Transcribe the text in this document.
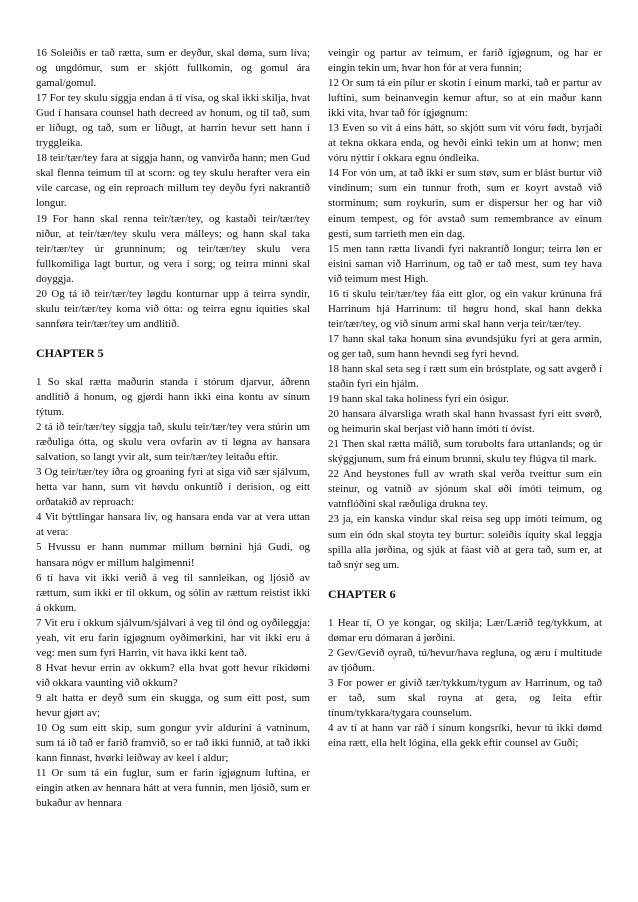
16 Soleiðis er tað rætta, sum er deyður, skal døma, sum líva; og ungdómur, sum er skjótt fullkomin, og gomul ára gamal/gomul.

17 For tey skulu síggja endan á tí vísa, og skal ikki skilja, hvat Gud í hansara counsel hath decreed av honum, og til tað, sum er líðugt, og tað, sum er líðugt, at harrin hevur sett hann í tryggleika.

18 teir/tær/tey fara at síggja hann, og vanvirða hann; men Gud skal flenna teimum til at scorn: og tey skulu herafter vera ein vile carcase, og ein reproach millum tey deyðu fyri nakrantíð longur.

19 For hann skal renna teir/tær/tey, og kastaði teir/tær/tey niður, at teir/tær/tey skulu vera málleys; og hann skal taka teir/tær/tey úr grunninum; og teir/tær/tey skulu vera fullkomiliga lagt burtur, og vera í sorg; og teirra minni skal doyggja.

20 Og tá ið teir/tær/tey løgdu konturnar upp á teirra syndir, skulu teir/tær/tey koma við ótta: og teirra egnu iquities skal sannføra teir/tær/tey um andlitið.

CHAPTER 5

1 So skal rætta maðurin standa í stórum djarvur, áðrenn andlitið á honum, og gjørdi hann ikki eina kontu av sínum týtum.

2 tá ið teir/tær/tey síggja tað, skulu teir/tær/tey vera stúrin um ræðuliga ótta, og skulu vera ovfarin av tí løgna av hansara salvation, so langt yvir alt, sum teir/tær/tey leitaðu eftir.

3 Og teir/tær/tey iðra og groaning fyri at siga við sær sjálvum, hetta var hann, sum vit høvdu onkuntíð í derision, og eitt orðatakið av reproach:

4 Vit býttlingar hansara lív, og hansara enda var at vera uttan at vera:

5 Hvussu er hann nummar millum børnini hjá Gudi, og hansara nógv er millum halgimenni!

6 tí hava vit ikki verið á veg til sannleikan, og ljósið av rættum, sum ikki er til okkum, og sólin av rættum reistist ikki á okkum.

7 Vit eru í okkum sjálvum/sjálvari á veg til ónd og oyðileggja: yeah, vit eru farin ígjøgnum oyðimørkini, har vit ikki eru á veg: men sum fyri Harrin, vit hava ikki kent tað.

8 Hvat hevur errin av okkum? ella hvat gott hevur ríkidømi við okkara vaunting við okkum?

9 alt hatta er deyð sum ein skugga, og sum eitt post, sum hevur gjørt av;

10 Og sum eitt skip, sum gongur yvir aldurini á vatninum, sum tá ið tað er farið framvið, so er tað ikki funnið, at tað ikki kann finnast, hvørki leiðway av keel í aldur;

11 Or sum tá ein fuglur, sum er farin ígjøgnum luftina, er eingin atken av hennara hátt at vera funnin, men ljósið, sum er bukaður av hennara

veingir og partur av teimum, er farið ígjøgnum, og har er eingin tekin um, hvar hon fór at vera funnin;

12 Or sum tá ein pílur er skotin í einum marki, tað er partur av luftini, sum beinanvegin kemur aftur, so at ein maður kann ikki vita, hvar tað fór ígjøgnum:

13 Even so vit á eins hátt, so skjótt sum vit vóru født, byrjaði at tekna okkara enda, og hevði einki tekin um at honw; men vóru nýttir í okkara egnu óndleika.

14 For vón um, at tað ikki er sum støv, sum er blást burtur við vindinum; sum ein tunnur froth, sum er koyrt avstað við storminum; sum roykurin, sum er dispersur her og har við einum tempest, og fór avstað sum remembrance av einum gesti, sum tarrieth men ein dag.

15 men tann rætta livandi fyri nakrantíð longur; teirra løn er eisini saman við Harrinum, og tað er tað mest, sum tey hava við teimum mest High.

16 tí skulu teir/tær/tey fáa eitt glor, og ein vakur krúnuna frá Harrinum hjá Harrinum: til høgru hond, skal hann dekka teir/tær/tey, og við sínum armi skal hann verja teir/tær/tey.

17 hann skal taka honum sína øvundsjúku fyri at gera armin, og ger tað, sum hann hevndi seg fyri hevnd.

18 hann skal seta seg í rætt sum ein bróstplate, og satt avgerð í staðin fyri ein hjálm.

19 hann skal taka holiness fyri ein ósigur.

20 hansara álvarsliga wrath skal hann hvassast fyri eitt svørð, og heimurin skal berjast við hann ímóti tí óvíst.

21 Then skal rætta málið, sum torubolts fara uttanlands; og úr skýggjunum, sum frá einum brunni, skulu tey flúgva til mark.

22 And heystones full av wrath skal verða tveittur sum ein steinur, og vatnið av sjónum skal øði ímóti teimum, og vatnflóðini skal ræðuliga drukna tey.

23 ja, ein kanska vindur skal reisa seg upp ímóti teimum, og sum ein ódn skal stoyta tey burtur: soleiðis íquity skal leggja spilla alla jørðina, og sjúk at fáast við at gera tað, sum er, at tað snýr seg um.

CHAPTER 6

1 Hear tí, O ye kongar, og skilja; Lær/Lærið teg/tykkum, at dømar eru dómaran á jørðini.

2 Gev/Gevið oyrað, tú/hevur/hava regluna, og æru í multitude av tjóðum.

3 For power er givið tær/tykkum/tygum av Harrinum, og tað er tað, sum skal royna at gera, og leita eftir tínum/tykkara/tygara counselum.

4 av tí at hann var ráð í sínum kongsríki, hevur tú ikki dømd eina rætt, ella helt lógina, ella gekk eftir counsel av Guði;
